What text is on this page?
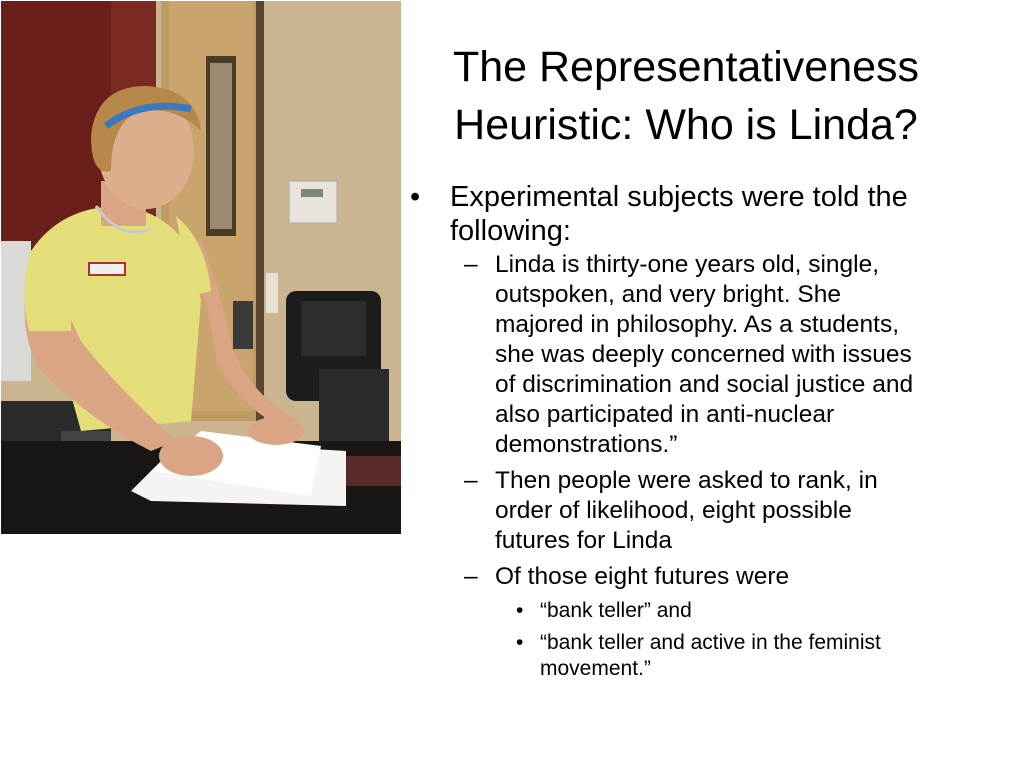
The Representativeness
Heuristic: Who is Linda?
• Experimental subjects were told the
following:
– Linda is thirty-one years old, single,
outspoken, and very bright. She
majored in philosophy. As a students,
she was deeply concerned with issues
of discrimination and social justice and
also participated in anti-nuclear
demonstrations.”
– Then people were asked to rank, in
order of likelihood, eight possible
futures for Linda
– Of those eight futures were
• “bank teller” and
• “bank teller and active in the feminist
movement.”
